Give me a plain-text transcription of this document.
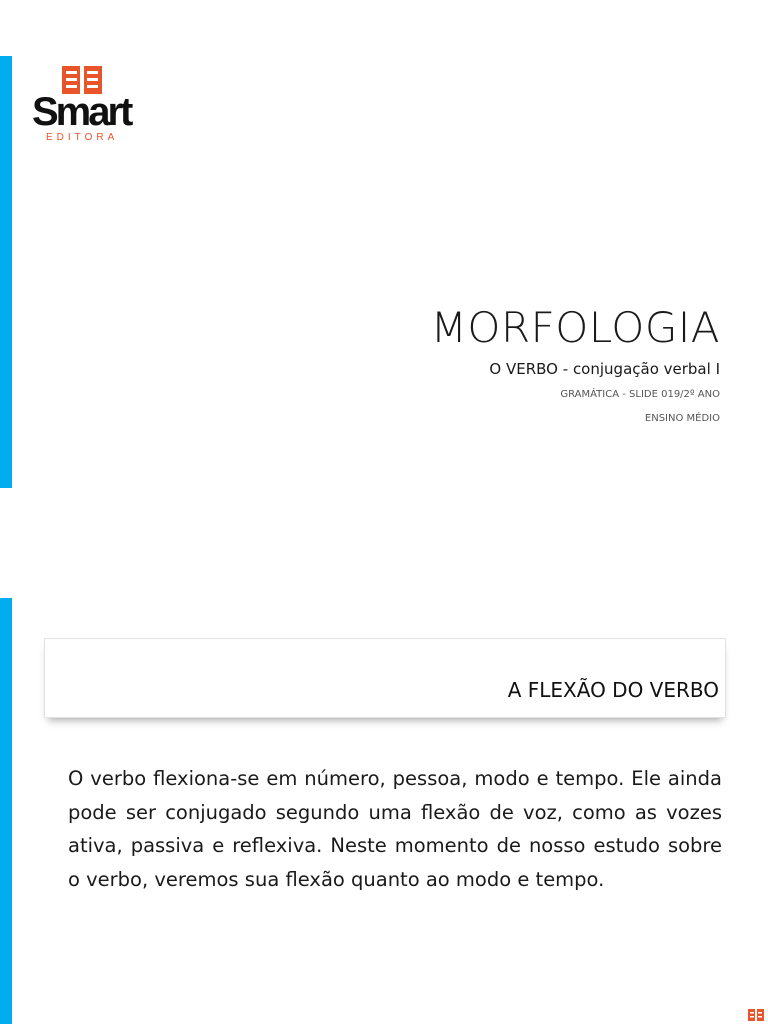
Smart
EDITORA
MORFOLOGIA
O VERBO - conjugação verbal I
GRAMÁTICA - SLIDE 019/2º ANO
ENSINO MÉDIO
A FLEXÃO DO VERBO
O verbo flexiona-se em número, pessoa, modo e tempo. Ele ainda pode ser conjugado segundo uma flexão de voz, como as vozes ativa, passiva e reflexiva. Neste momento de nosso estudo sobre o verbo, veremos sua flexão quanto ao modo e tempo.
